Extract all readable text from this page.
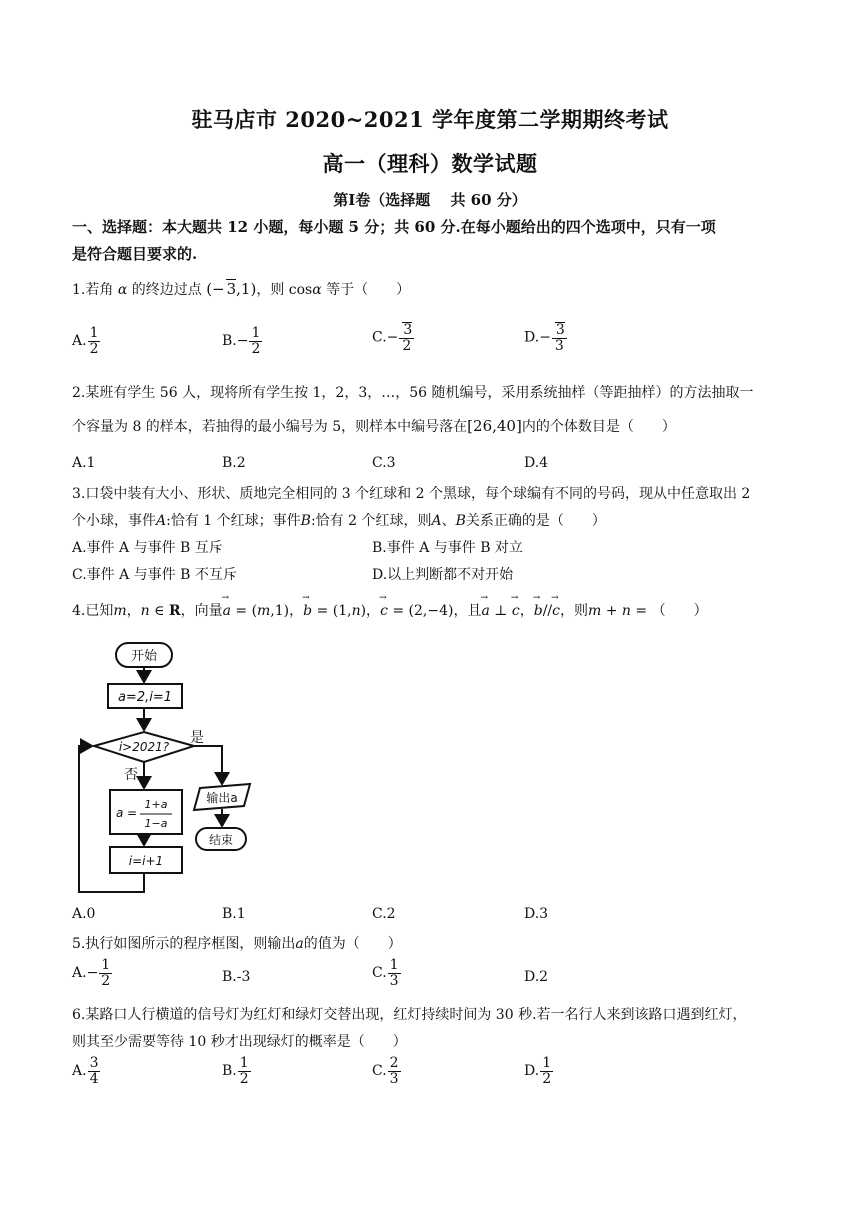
驻马店市 2020~2021 学年度第二学期期终考试
高一（理科）数学试题
第Ⅰ卷（选择题　 共 60 分）
一、选择题：本大题共 12 小题，每小题 5 分；共 60 分.在每小题给出的四个选项中，只有一项
是符合题目要求的.
1.若角 α 的终边过点 (− 3,1)，则 cosα 等于（　　）
A. $\frac{1}{2}$	$B.- \frac{1}{2}$	$C.- \frac{3}{2}$	$D.- \frac{3}{3}$
2.某班有学生 56 人，现将所有学生按 1，2，3，…，56 随机编号，采用系统抽样（等距抽样）的方法抽取一
个容量为 8 的样本，若抽得的最小编号为 5，则样本中编号落在[26,40]内的个体数目是（　　）
A.1	B.2	C.3	D.4
3.口袋中装有大小、形状、质地完全相同的 3 个红球和 2 个黑球，每个球编有不同的号码，现从中任意取出 2
个小球，事件A:恰有 1 个红球；事件B:恰有 2 个红球，则A、B关系正确的是（　　）
A.事件 A 与事件 B 互斥	B.事件 A 与事件 B 对立
C.事件 A 与事件 B 不互斥	D.以上判断都不对开始
4.已知m，n ∈ R，向量→ a = (m,1)，→ b = (1,n)，→ c = (2,−4)，且→ a ⊥ → c，→ b//→ c，则m + n = （　　）
开始
a=2,i=1
i>2021?
是
否
a =
1+a
1−a
i=i+1
输出a
结束
A.0	B.1	C.2	D.3
5.执行如图所示的程序框图，则输出a的值为（　　）
$A.- \frac{1}{2}$	B.-3	C. $\frac{1}{3}$	D.2
6.某路口人行横道的信号灯为红灯和绿灯交替出现，红灯持续时间为 30 秒.若一名行人来到该路口遇到红灯，
则其至少需要等待 10 秒才出现绿灯的概率是（　　）
A. $\frac{3}{4}$	B. $\frac{1}{2}$	C. $\frac{2}{3}$	D. $\frac{1}{2}$
